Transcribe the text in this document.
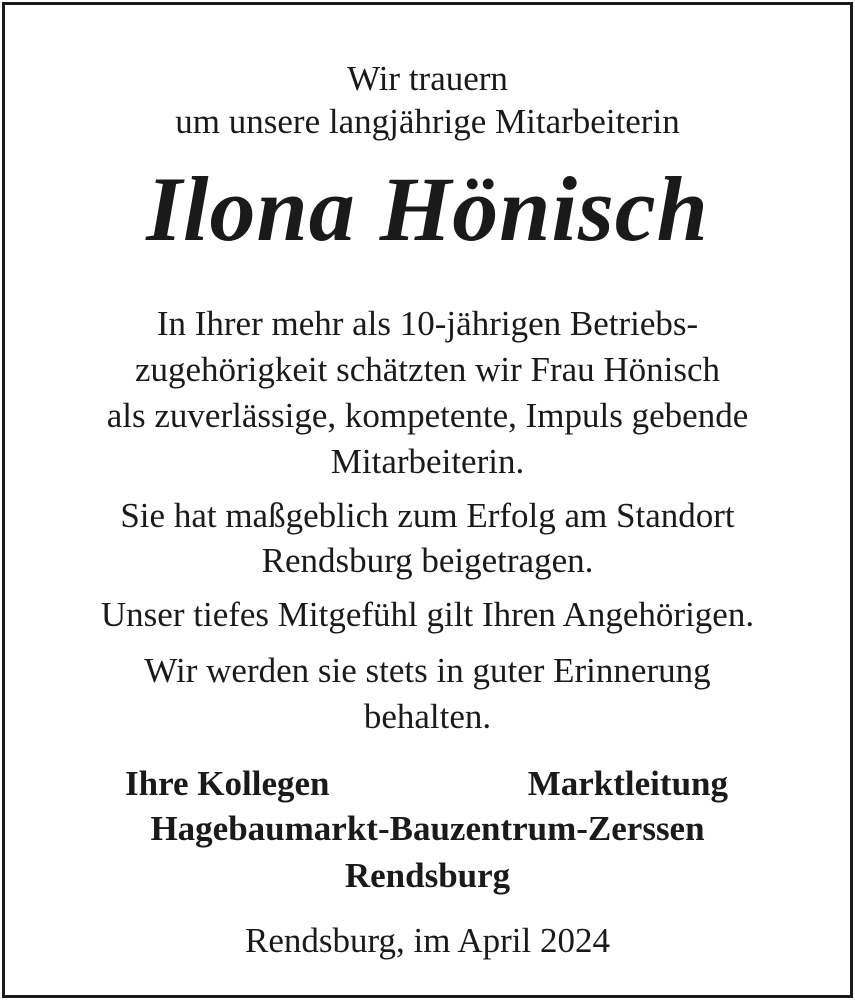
Wir trauern
um unsere langjährige Mitarbeiterin
Ilona Hönisch
In Ihrer mehr als 10-jährigen Betriebs-
zugehörigkeit schätzten wir Frau Hönisch
als zuverlässige, kompetente, Impuls gebende
Mitarbeiterin.
Sie hat maßgeblich zum Erfolg am Standort
Rendsburg beigetragen.
Unser tiefes Mitgefühl gilt Ihren Angehörigen.
Wir werden sie stets in guter Erinnerung
behalten.
Ihre Kollegen	Marktleitung
Hagebaumarkt-Bauzentrum-Zerssen
Rendsburg
Rendsburg, im April 2024
